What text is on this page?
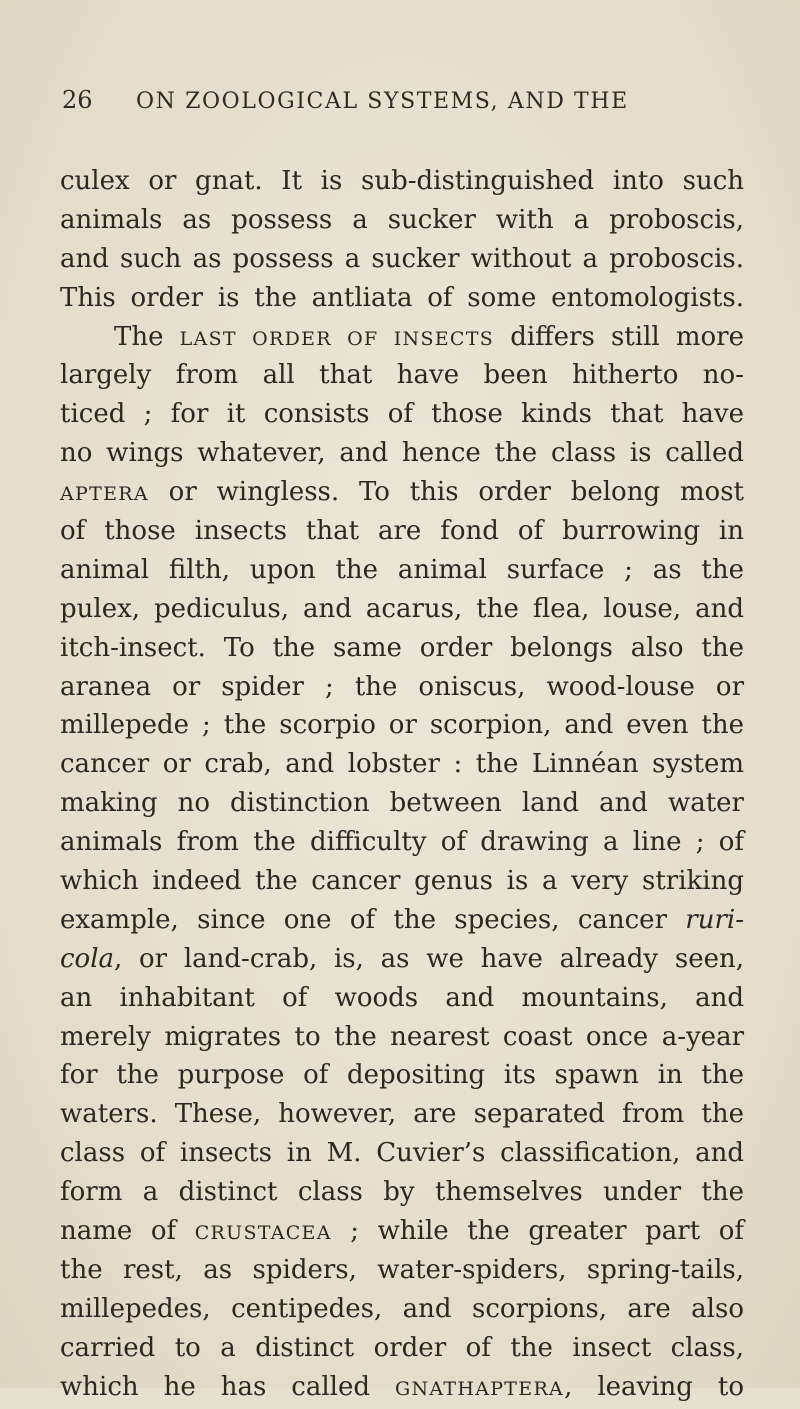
26 ON ZOOLOGICAL SYSTEMS, AND THE
culex or gnat. It is sub-distinguished into such
animals as possess a sucker with a proboscis,
and such as possess a sucker without a proboscis.
This order is the antliata of some entomologists.
The LAST ORDER OF INSECTS differs still more
largely from all that have been hitherto no-
ticed ; for it consists of those kinds that have
no wings whatever, and hence the class is called
APTERA or wingless. To this order belong most
of those insects that are fond of burrowing in
animal filth, upon the animal surface ; as the
pulex, pediculus, and acarus, the flea, louse, and
itch-insect. To the same order belongs also the
aranea or spider ; the oniscus, wood-louse or
millepede ; the scorpio or scorpion, and even the
cancer or crab, and lobster : the Linnéan system
making no distinction between land and water
animals from the difficulty of drawing a line ; of
which indeed the cancer genus is a very striking
example, since one of the species, cancer ruri-
cola, or land-crab, is, as we have already seen,
an inhabitant of woods and mountains, and
merely migrates to the nearest coast once a-year
for the purpose of depositing its spawn in the
waters. These, however, are separated from the
class of insects in M. Cuvier’s classification, and
form a distinct class by themselves under the
name of CRUSTACEA ; while the greater part of
the rest, as spiders, water-spiders, spring-tails,
millepedes, centipedes, and scorpions, are also
carried to a distinct order of the insect class,
which he has called GNATHAPTERA, leaving to
